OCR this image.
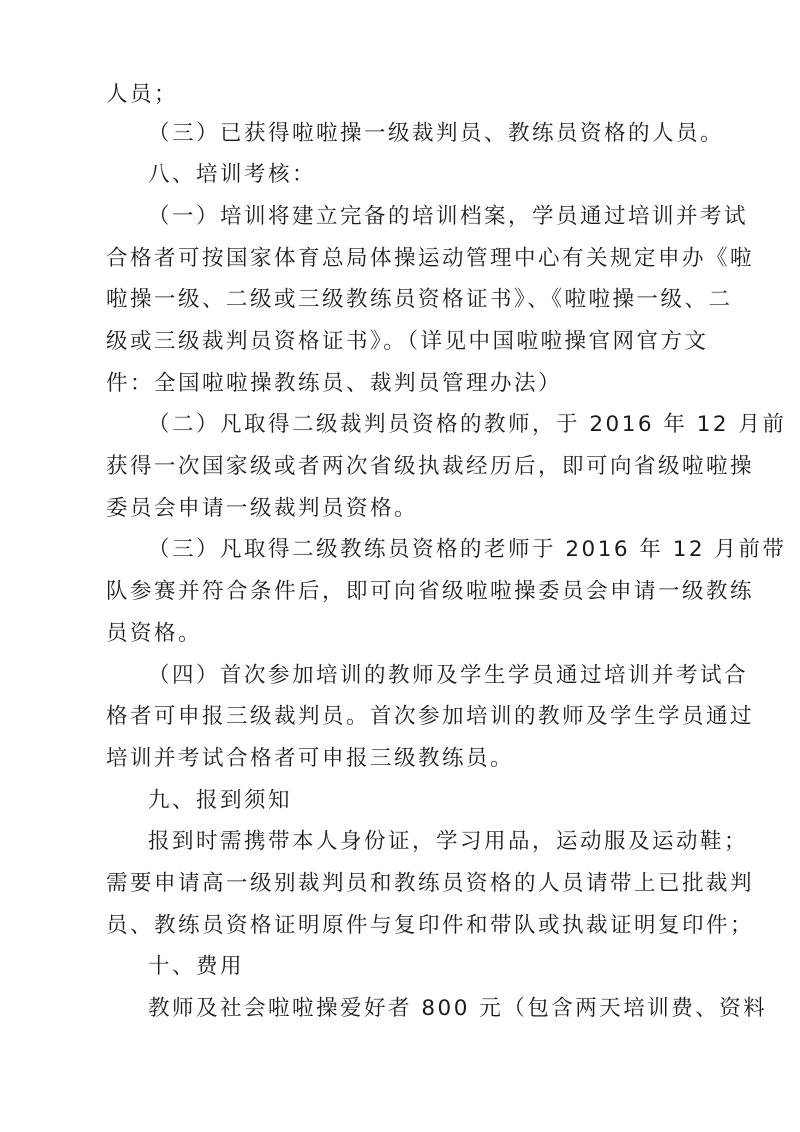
人员；

（三）已获得啦啦操一级裁判员、教练员资格的人员。

八、培训考核：

（一）培训将建立完备的培训档案，学员通过培训并考试

合格者可按国家体育总局体操运动管理中心有关规定申办《啦

啦操一级、二级或三级教练员资格证书》、《啦啦操一级、二

级或三级裁判员资格证书》。（详见中国啦啦操官网官方文

件：全国啦啦操教练员、裁判员管理办法）

（二）凡取得二级裁判员资格的教师，于 2016 年 12 月前

获得一次国家级或者两次省级执裁经历后，即可向省级啦啦操

委员会申请一级裁判员资格。

（三）凡取得二级教练员资格的老师于 2016 年 12 月前带

队参赛并符合条件后，即可向省级啦啦操委员会申请一级教练

员资格。

（四）首次参加培训的教师及学生学员通过培训并考试合

格者可申报三级裁判员。首次参加培训的教师及学生学员通过

培训并考试合格者可申报三级教练员。

九、报到须知

报到时需携带本人身份证，学习用品，运动服及运动鞋；

需要申请高一级别裁判员和教练员资格的人员请带上已批裁判

员、教练员资格证明原件与复印件和带队或执裁证明复印件；

十、费用

教师及社会啦啦操爱好者 800 元（包含两天培训费、资料
